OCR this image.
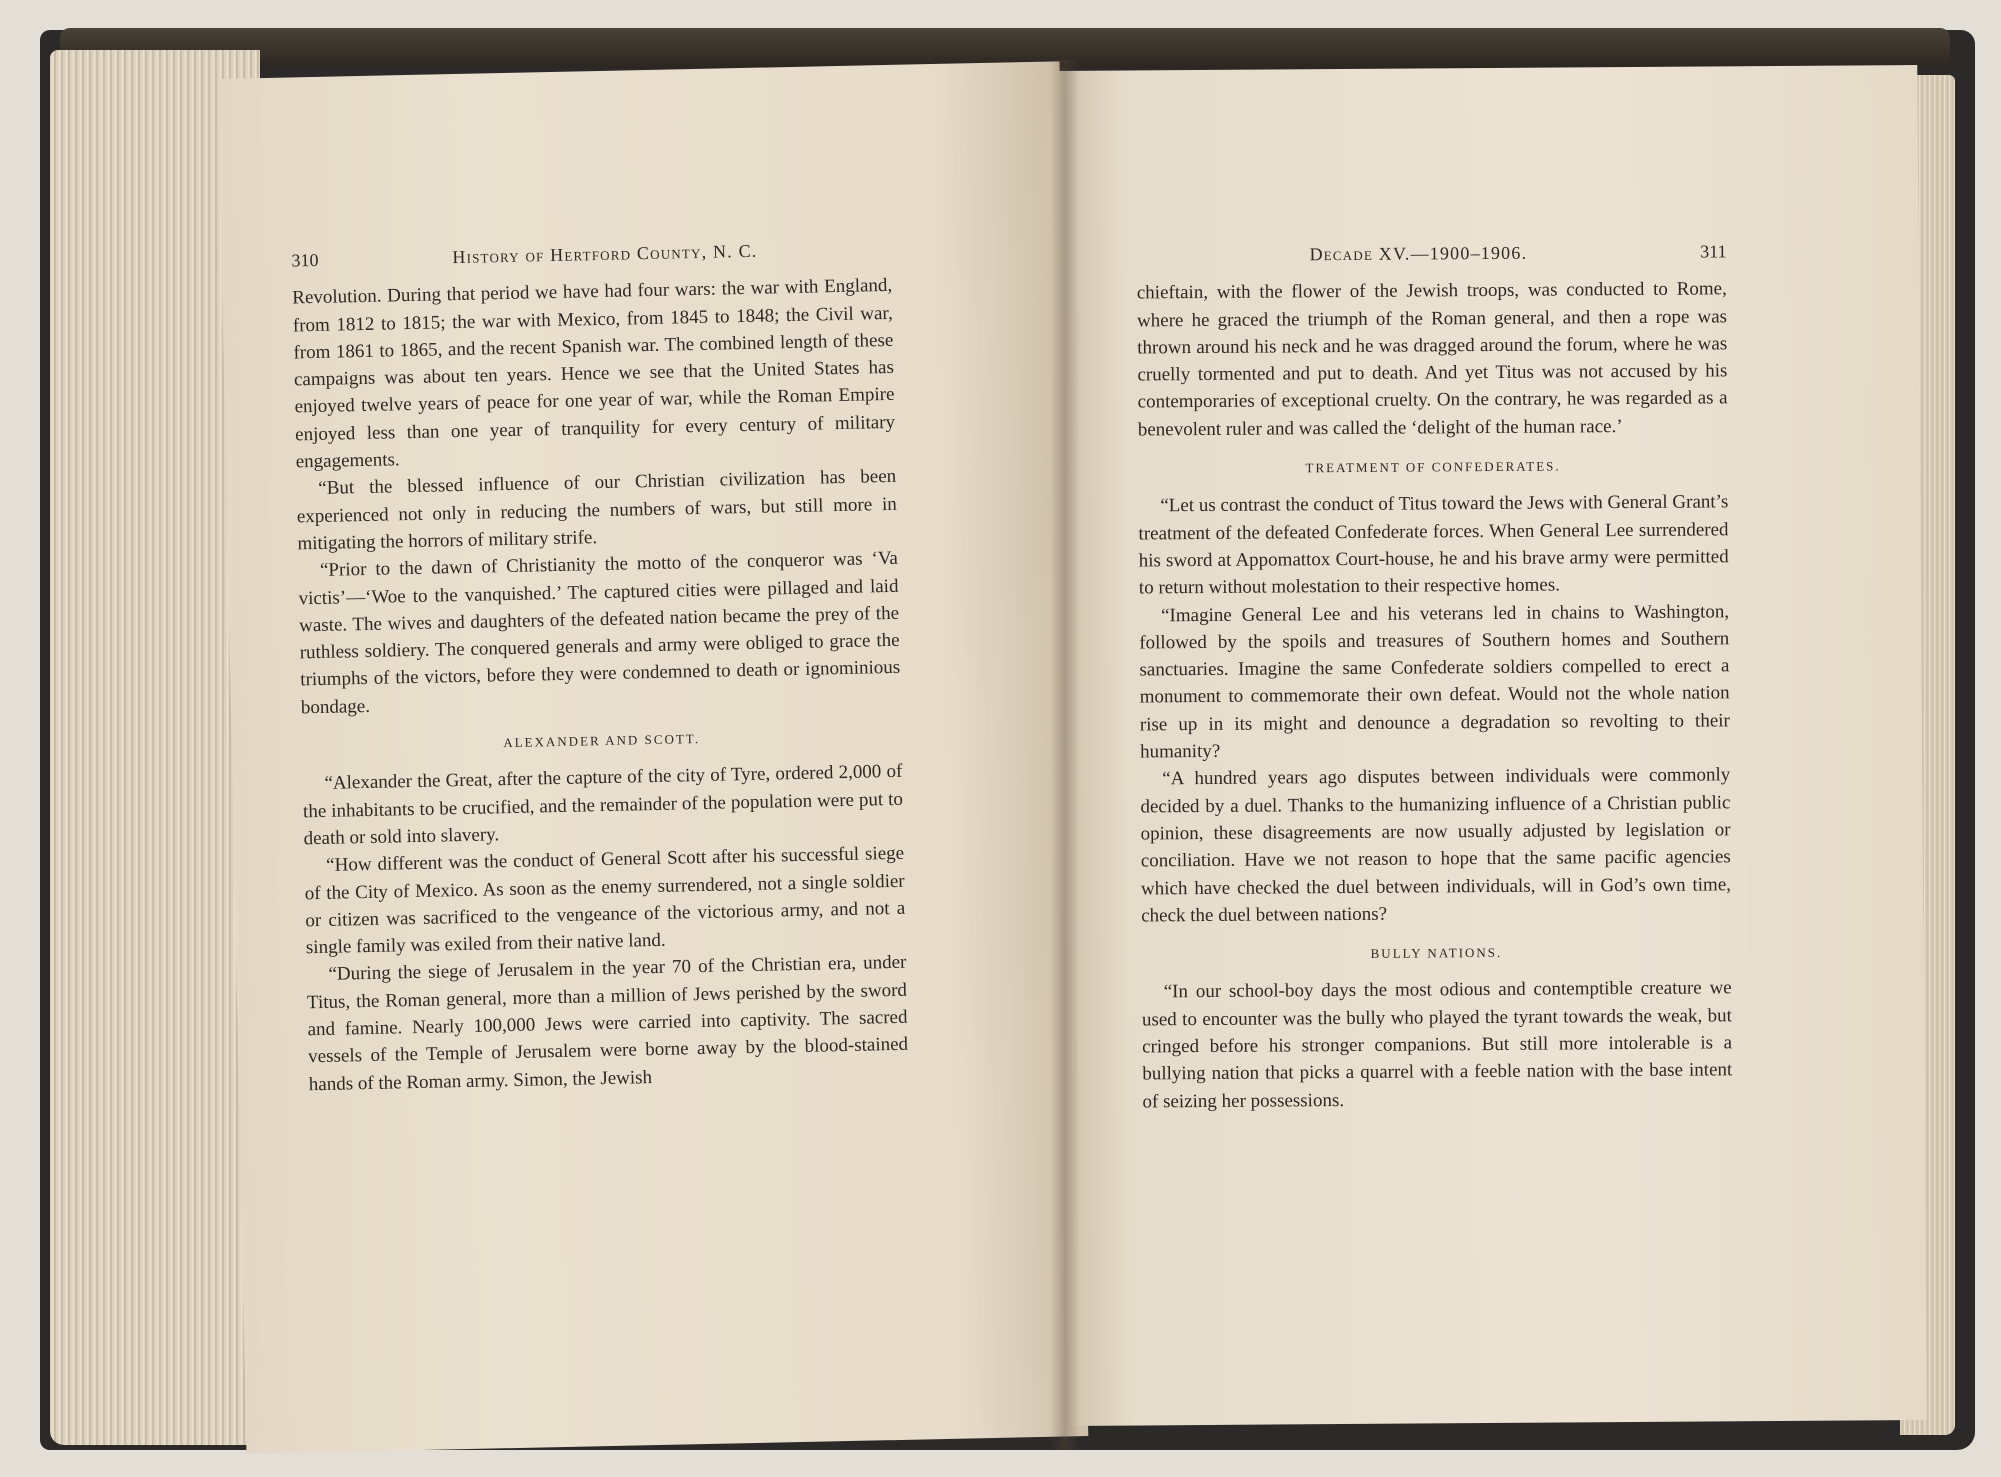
310	History of Hertford County, N. C.

Revolution. During that period we have had four wars: the war with England, from 1812 to 1815; the war with Mexico, from 1845 to 1848; the Civil war, from 1861 to 1865, and the recent Spanish war. The combined length of these campaigns was about ten years. Hence we see that the United States has enjoyed twelve years of peace for one year of war, while the Roman Empire enjoyed less than one year of tranquility for every century of military engagements.

“But the blessed influence of our Christian civilization has been experienced not only in reducing the numbers of wars, but still more in mitigating the horrors of military strife.

“Prior to the dawn of Christianity the motto of the conqueror was ‘Va victis’—‘Woe to the vanquished.’ The captured cities were pillaged and laid waste. The wives and daughters of the defeated nation became the prey of the ruthless soldiery. The conquered generals and army were obliged to grace the triumphs of the victors, before they were condemned to death or ignominious bondage.

ALEXANDER AND SCOTT.

“Alexander the Great, after the capture of the city of Tyre, ordered 2,000 of the inhabitants to be crucified, and the remainder of the population were put to death or sold into slavery.

“How different was the conduct of General Scott after his successful siege of the City of Mexico. As soon as the enemy surrendered, not a single soldier or citizen was sacrificed to the vengeance of the victorious army, and not a single family was exiled from their native land.

“During the siege of Jerusalem in the year 70 of the Christian era, under Titus, the Roman general, more than a million of Jews perished by the sword and famine. Nearly 100,000 Jews were carried into captivity. The sacred vessels of the Temple of Jerusalem were borne away by the blood-stained hands of the Roman army. Simon, the Jewish

Decade XV.—1900–1906.	311

chieftain, with the flower of the Jewish troops, was conducted to Rome, where he graced the triumph of the Roman general, and then a rope was thrown around his neck and he was dragged around the forum, where he was cruelly tormented and put to death. And yet Titus was not accused by his contemporaries of exceptional cruelty. On the contrary, he was regarded as a benevolent ruler and was called the ‘delight of the human race.’

TREATMENT OF CONFEDERATES.

“Let us contrast the conduct of Titus toward the Jews with General Grant’s treatment of the defeated Confederate forces. When General Lee surrendered his sword at Appomattox Court-house, he and his brave army were permitted to return without molestation to their respective homes.

“Imagine General Lee and his veterans led in chains to Washington, followed by the spoils and treasures of Southern homes and Southern sanctuaries. Imagine the same Confederate soldiers compelled to erect a monument to commemorate their own defeat. Would not the whole nation rise up in its might and denounce a degradation so revolting to their humanity?

“A hundred years ago disputes between individuals were commonly decided by a duel. Thanks to the humanizing influence of a Christian public opinion, these disagreements are now usually adjusted by legislation or conciliation. Have we not reason to hope that the same pacific agencies which have checked the duel between individuals, will in God’s own time, check the duel between nations?

BULLY NATIONS.

“In our school-boy days the most odious and contemptible creature we used to encounter was the bully who played the tyrant towards the weak, but cringed before his stronger companions. But still more intolerable is a bullying nation that picks a quarrel with a feeble nation with the base intent of seizing her possessions.
